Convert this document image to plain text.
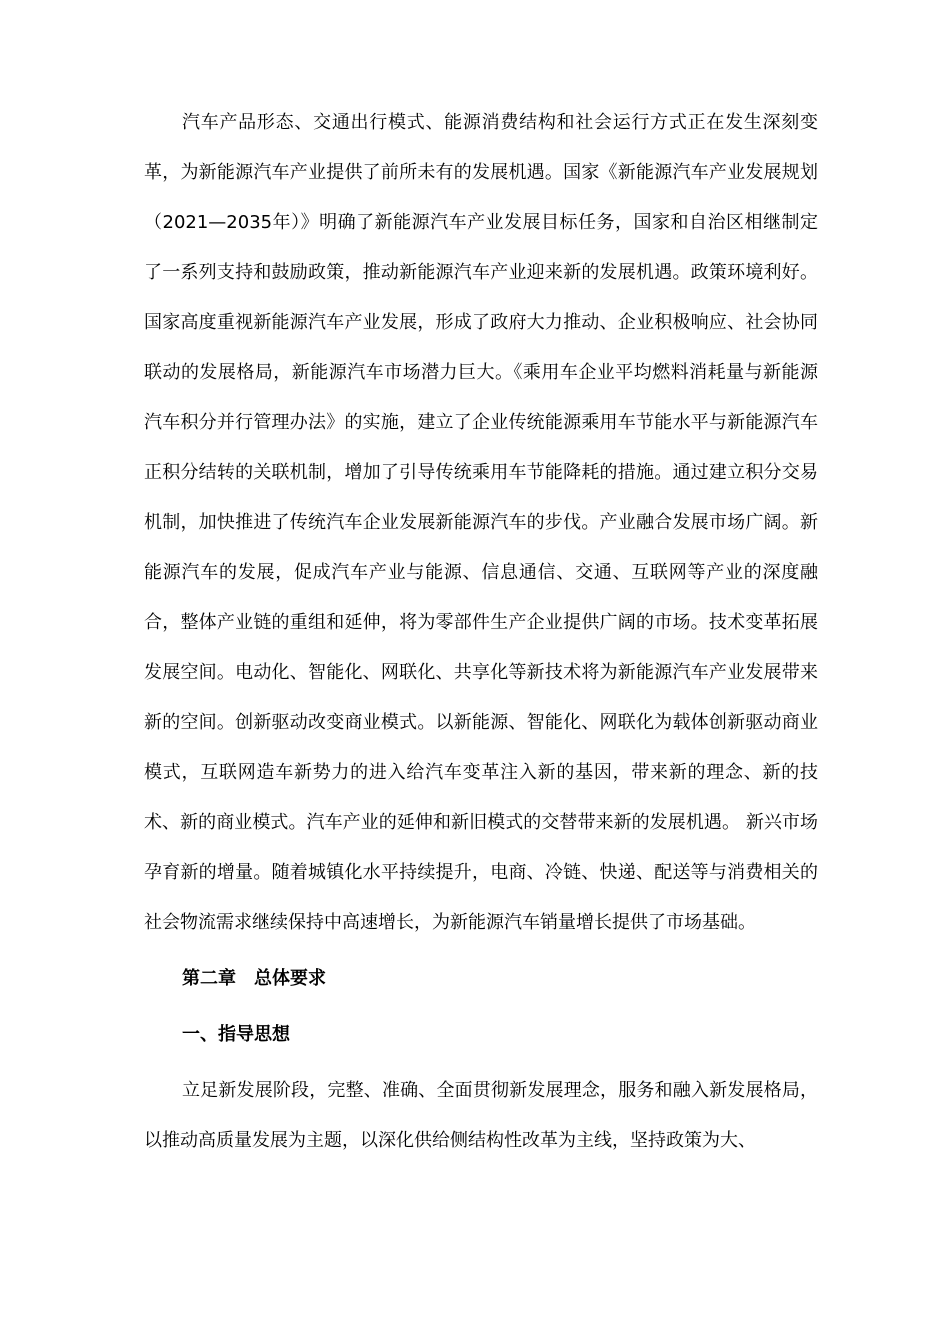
汽车产品形态、交通出行模式、能源消费结构和社会运行方式正在发生深刻变革，为新能源汽车产业提供了前所未有的发展机遇。国家《新能源汽车产业发展规划（2021—2035年）》明确了新能源汽车产业发展目标任务，国家和自治区相继制定了一系列支持和鼓励政策，推动新能源汽车产业迎来新的发展机遇。政策环境利好。国家高度重视新能源汽车产业发展，形成了政府大力推动、企业积极响应、社会协同联动的发展格局，新能源汽车市场潜力巨大。《乘用车企业平均燃料消耗量与新能源汽车积分并行管理办法》的实施，建立了企业传统能源乘用车节能水平与新能源汽车正积分结转的关联机制，增加了引导传统乘用车节能降耗的措施。通过建立积分交易机制，加快推进了传统汽车企业发展新能源汽车的步伐。产业融合发展市场广阔。新能源汽车的发展，促成汽车产业与能源、信息通信、交通、互联网等产业的深度融合，整体产业链的重组和延伸，将为零部件生产企业提供广阔的市场。技术变革拓展发展空间。电动化、智能化、网联化、共享化等新技术将为新能源汽车产业发展带来新的空间。创新驱动改变商业模式。以新能源、智能化、网联化为载体创新驱动商业模式，互联网造车新势力的进入给汽车变革注入新的基因，带来新的理念、新的技术、新的商业模式。汽车产业的延伸和新旧模式的交替带来新的发展机遇。 新兴市场孕育新的增量。随着城镇化水平持续提升，电商、冷链、快递、配送等与消费相关的社会物流需求继续保持中高速增长，为新能源汽车销量增长提供了市场基础。

第二章　总体要求
一、指导思想

立足新发展阶段，完整、准确、全面贯彻新发展理念，服务和融入新发展格局，以推动高质量发展为主题，以深化供给侧结构性改革为主线，坚持政策为大、
